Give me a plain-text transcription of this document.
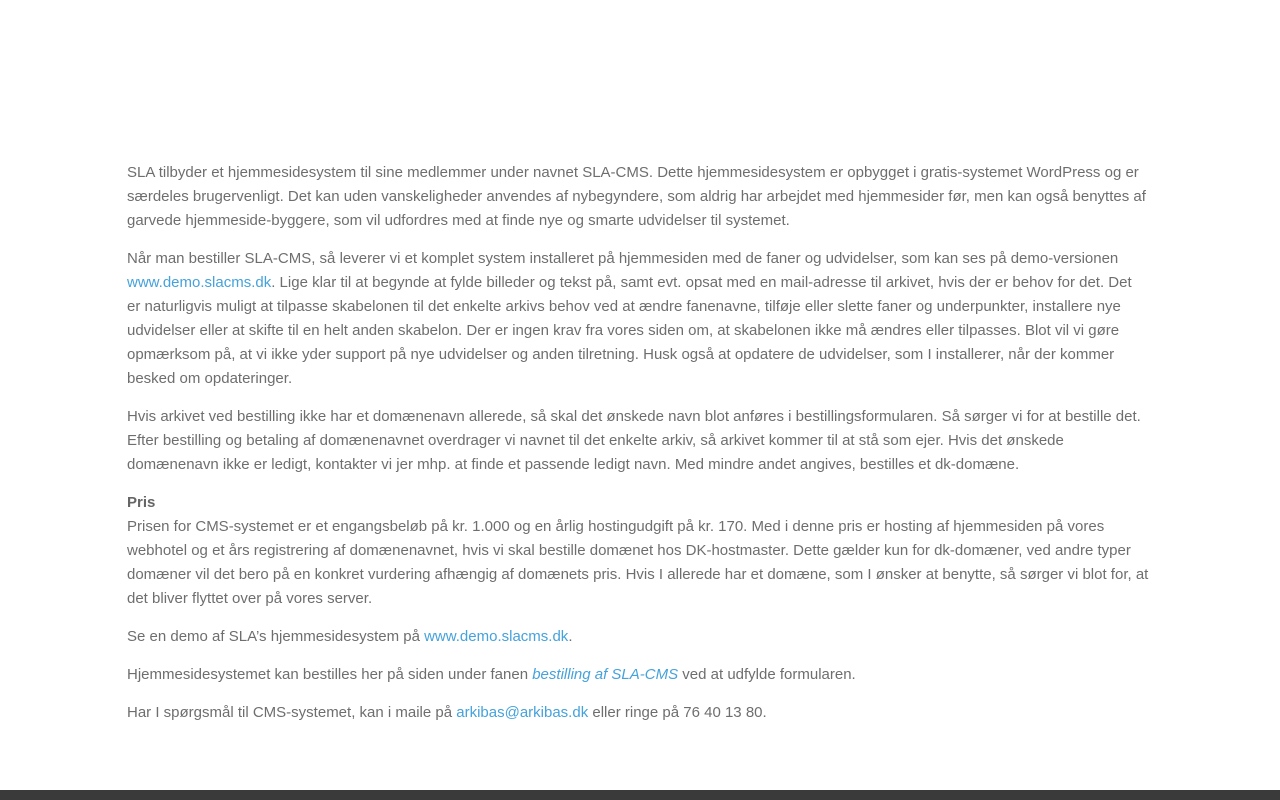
SLA tilbyder et hjemmesidesystem til sine medlemmer under navnet SLA-CMS. Dette hjemmesidesystem er opbygget i gratis-systemet WordPress og er særdeles brugervenligt. Det kan uden vanskeligheder anvendes af nybegyndere, som aldrig har arbejdet med hjemmesider før, men kan også benyttes af garvede hjemmeside-byggere, som vil udfordres med at finde nye og smarte udvidelser til systemet.

Når man bestiller SLA-CMS, så leverer vi et komplet system installeret på hjemmesiden med de faner og udvidelser, som kan ses på demo-versionen www.demo.slacms.dk. Lige klar til at begynde at fylde billeder og tekst på, samt evt. opsat med en mail-adresse til arkivet, hvis der er behov for det. Det er naturligvis muligt at tilpasse skabelonen til det enkelte arkivs behov ved at ændre fanenavne, tilføje eller slette faner og underpunkter, installere nye udvidelser eller at skifte til en helt anden skabelon. Der er ingen krav fra vores siden om, at skabelonen ikke må ændres eller tilpasses. Blot vil vi gøre opmærksom på, at vi ikke yder support på nye udvidelser og anden tilretning. Husk også at opdatere de udvidelser, som I installerer, når der kommer besked om opdateringer.

Hvis arkivet ved bestilling ikke har et domænenavn allerede, så skal det ønskede navn blot anføres i bestillingsformularen. Så sørger vi for at bestille det. Efter bestilling og betaling af domænenavnet overdrager vi navnet til det enkelte arkiv, så arkivet kommer til at stå som ejer. Hvis det ønskede domænenavn ikke er ledigt, kontakter vi jer mhp. at finde et passende ledigt navn. Med mindre andet angives, bestilles et dk-domæne.

Pris
Prisen for CMS-systemet er et engangsbeløb på kr. 1.000 og en årlig hostingudgift på kr. 170. Med i denne pris er hosting af hjemmesiden på vores webhotel og et års registrering af domænenavnet, hvis vi skal bestille domænet hos DK-hostmaster. Dette gælder kun for dk-domæner, ved andre typer domæner vil det bero på en konkret vurdering afhængig af domænets pris. Hvis I allerede har et domæne, som I ønsker at benytte, så sørger vi blot for, at det bliver flyttet over på vores server.

Se en demo af SLA’s hjemmesidesystem på www.demo.slacms.dk.

Hjemmesidesystemet kan bestilles her på siden under fanen bestilling af SLA-CMS ved at udfylde formularen.

Har I spørgsmål til CMS-systemet, kan i maile på arkibas@arkibas.dk eller ringe på 76 40 13 80.
